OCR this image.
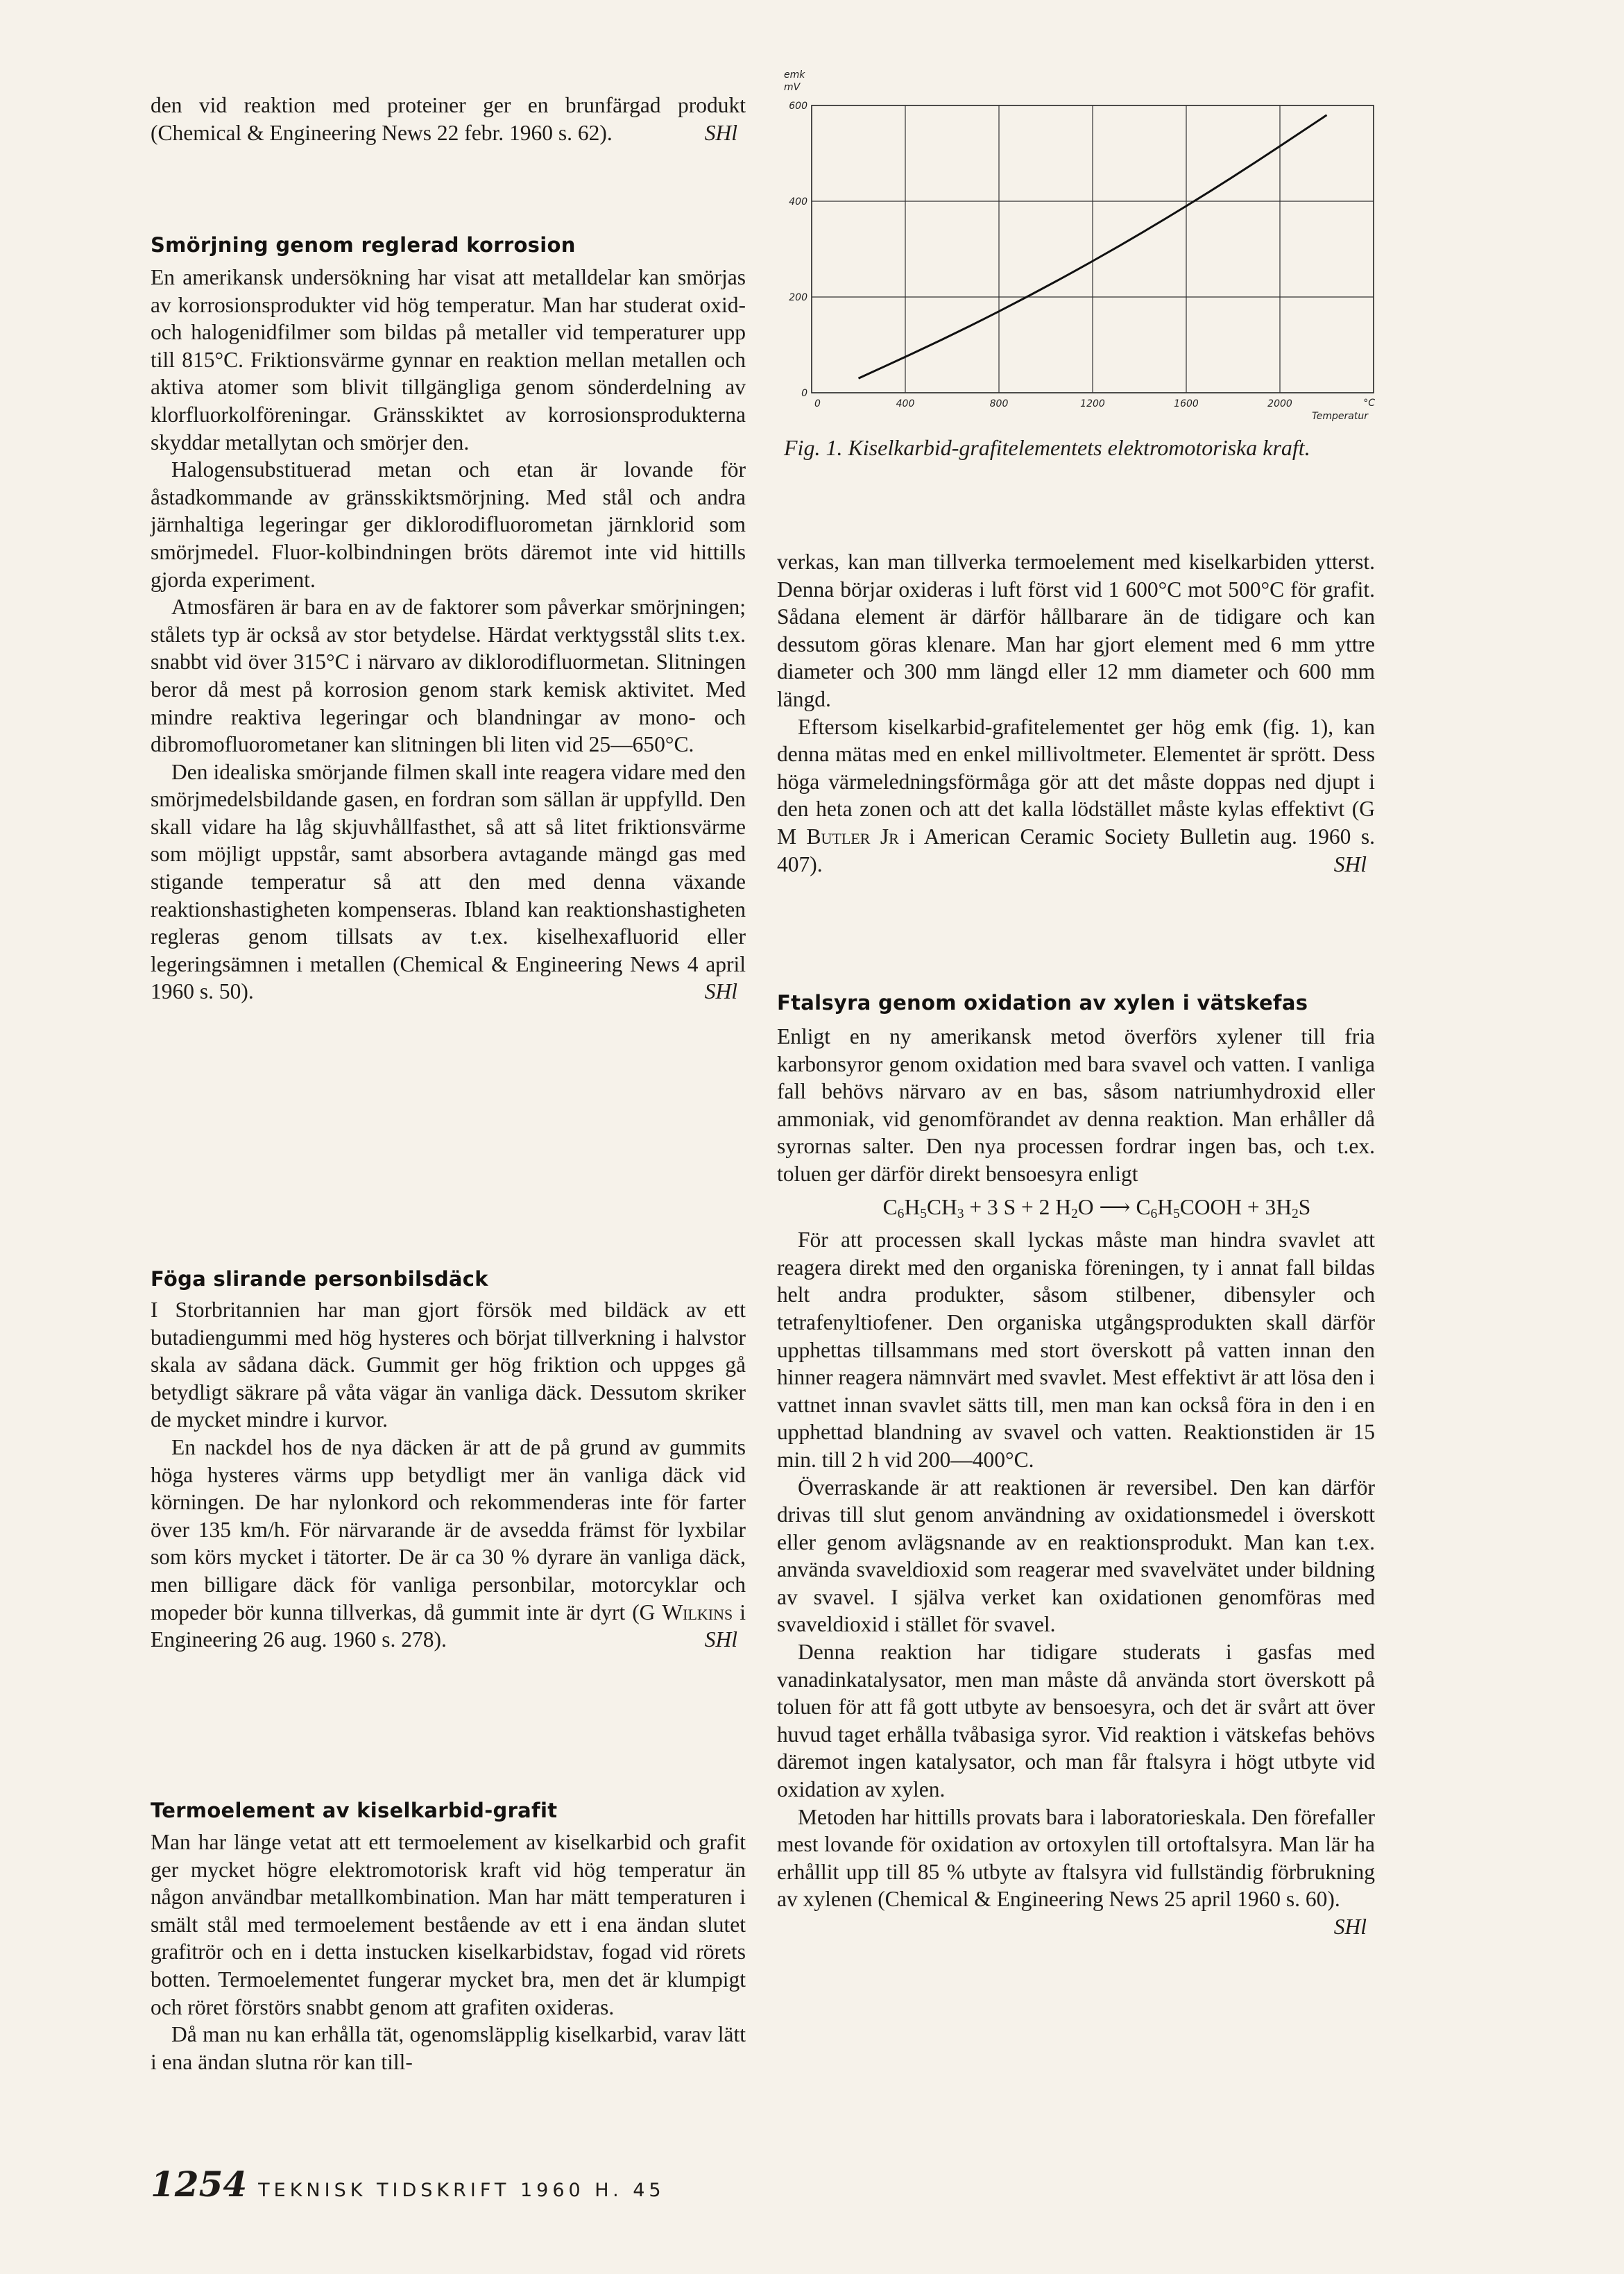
den vid reaktion med proteiner ger en brunfärgad produkt (Chemical & Engineering News 22 febr. 1960 s. 62).	SHl

Smörjning genom reglerad korrosion

En amerikansk undersökning har visat att metalldelar kan smörjas av korrosionsprodukter vid hög temperatur. Man har studerat oxid- och halogenidfilmer som bildas på metaller vid temperaturer upp till 815°C. Friktionsvärme gynnar en reaktion mellan metallen och aktiva atomer som blivit tillgängliga genom sönderdelning av klorfluorkolföreningar. Gränsskiktet av korrosionsprodukterna skyddar metallytan och smörjer den.

Halogensubstituerad metan och etan är lovande för åstadkommande av gränsskiktsmörjning. Med stål och andra järnhaltiga legeringar ger diklorodifluorometan järnklorid som smörjmedel. Fluor-kolbindningen bröts däremot inte vid hittills gjorda experiment.

Atmosfären är bara en av de faktorer som påverkar smörjningen; stålets typ är också av stor betydelse. Härdat verktygsstål slits t.ex. snabbt vid över 315°C i närvaro av diklorodifluormetan. Slitningen beror då mest på korrosion genom stark kemisk aktivitet. Med mindre reaktiva legeringar och blandningar av mono- och dibromofluorometaner kan slitningen bli liten vid 25—650°C.

Den idealiska smörjande filmen skall inte reagera vidare med den smörjmedelsbildande gasen, en fordran som sällan är uppfylld. Den skall vidare ha låg skjuvhållfasthet, så att så litet friktionsvärme som möjligt uppstår, samt absorbera avtagande mängd gas med stigande temperatur så att den med denna växande reaktionshastigheten kompenseras. Ibland kan reaktionshastigheten regleras genom tillsats av t.ex. kiselhexafluorid eller legeringsämnen i metallen (Chemical & Engineering News 4 april 1960 s. 50).	SHl

Föga slirande personbilsdäck

I Storbritannien har man gjort försök med bildäck av ett butadiengummi med hög hysteres och börjat tillverkning i halvstor skala av sådana däck. Gummit ger hög friktion och uppges gå betydligt säkrare på våta vägar än vanliga däck. Dessutom skriker de mycket mindre i kurvor.

En nackdel hos de nya däcken är att de på grund av gummits höga hysteres värms upp betydligt mer än vanliga däck vid körningen. De har nylonkord och rekommenderas inte för farter över 135 km/h. För närvarande är de avsedda främst för lyxbilar som körs mycket i tätorter. De är ca 30 % dyrare än vanliga däck, men billigare däck för vanliga personbilar, motorcyklar och mopeder bör kunna tillverkas, då gummit inte är dyrt (G Wilkins i Engineering 26 aug. 1960 s. 278).	SHl

Termoelement av kiselkarbid-grafit

Man har länge vetat att ett termoelement av kiselkarbid och grafit ger mycket högre elektromotorisk kraft vid hög temperatur än någon användbar metallkombination. Man har mätt temperaturen i smält stål med termoelement bestående av ett i ena ändan slutet grafitrör och en i detta instucken kiselkarbidstav, fogad vid rörets botten. Termoelementet fungerar mycket bra, men det är klumpigt och röret förstörs snabbt genom att grafiten oxideras.

Då man nu kan erhålla tät, ogenomsläpplig kiselkarbid, varav lätt i ena ändan slutna rör kan till-

600
400
200
0
0	400	800	1200	1600	2000
emk
mV
Temperatur
°C

Fig. 1. Kiselkarbid-grafitelementets elektromotoriska kraft.

verkas, kan man tillverka termoelement med kiselkarbiden ytterst. Denna börjar oxideras i luft först vid 1 600°C mot 500°C för grafit. Sådana element är därför hållbarare än de tidigare och kan dessutom göras klenare. Man har gjort element med 6 mm yttre diameter och 300 mm längd eller 12 mm diameter och 600 mm längd.

Eftersom kiselkarbid-grafitelementet ger hög emk (fig. 1), kan denna mätas med en enkel millivoltmeter. Elementet är sprött. Dess höga värmeledningsförmåga gör att det måste doppas ned djupt i den heta zonen och att det kalla lödstället måste kylas effektivt (G M Butler Jr i American Ceramic Society Bulletin aug. 1960 s. 407).	SHl

Ftalsyra genom oxidation av xylen i vätskefas

Enligt en ny amerikansk metod överförs xylener till fria karbonsyror genom oxidation med bara svavel och vatten. I vanliga fall behövs närvaro av en bas, såsom natriumhydroxid eller ammoniak, vid genomförandet av denna reaktion. Man erhåller då syrornas salter. Den nya processen fordrar ingen bas, och t.ex. toluen ger därför direkt bensoesyra enligt

$C_6H_5CH_3 + 3$ S + 2 $H_2O$ ⟶ $C_6H_5COOH + 3H_2S$

För att processen skall lyckas måste man hindra svavlet att reagera direkt med den organiska föreningen, ty i annat fall bildas helt andra produkter, såsom stilbener, dibensyler och tetrafenyltiofener. Den organiska utgångsprodukten skall därför upphettas tillsammans med stort överskott på vatten innan den hinner reagera nämnvärt med svavlet. Mest effektivt är att lösa den i vattnet innan svavlet sätts till, men man kan också föra in den i en upphettad blandning av svavel och vatten. Reaktionstiden är 15 min. till 2 h vid 200—400°C.

Överraskande är att reaktionen är reversibel. Den kan därför drivas till slut genom användning av oxidationsmedel i överskott eller genom avlägsnande av en reaktionsprodukt. Man kan t.ex. använda svaveldioxid som reagerar med svavelvätet under bildning av svavel. I själva verket kan oxidationen genomföras med svaveldioxid i stället för svavel.

Denna reaktion har tidigare studerats i gasfas med vanadinkatalysator, men man måste då använda stort överskott på toluen för att få gott utbyte av bensoesyra, och det är svårt att över huvud taget erhålla tvåbasiga syror. Vid reaktion i vätskefas behövs däremot ingen katalysator, och man får ftalsyra i högt utbyte vid oxidation av xylen.

Metoden har hittills provats bara i laboratorieskala. Den förefaller mest lovande för oxidation av ortoxylen till ortoftalsyra. Man lär ha erhållit upp till 85 % utbyte av ftalsyra vid fullständig förbrukning av xylenen (Chemical & Engineering News 25 april 1960 s. 60).
SHl

1254 TEKNISK TIDSKRIFT 1960 H. 45
